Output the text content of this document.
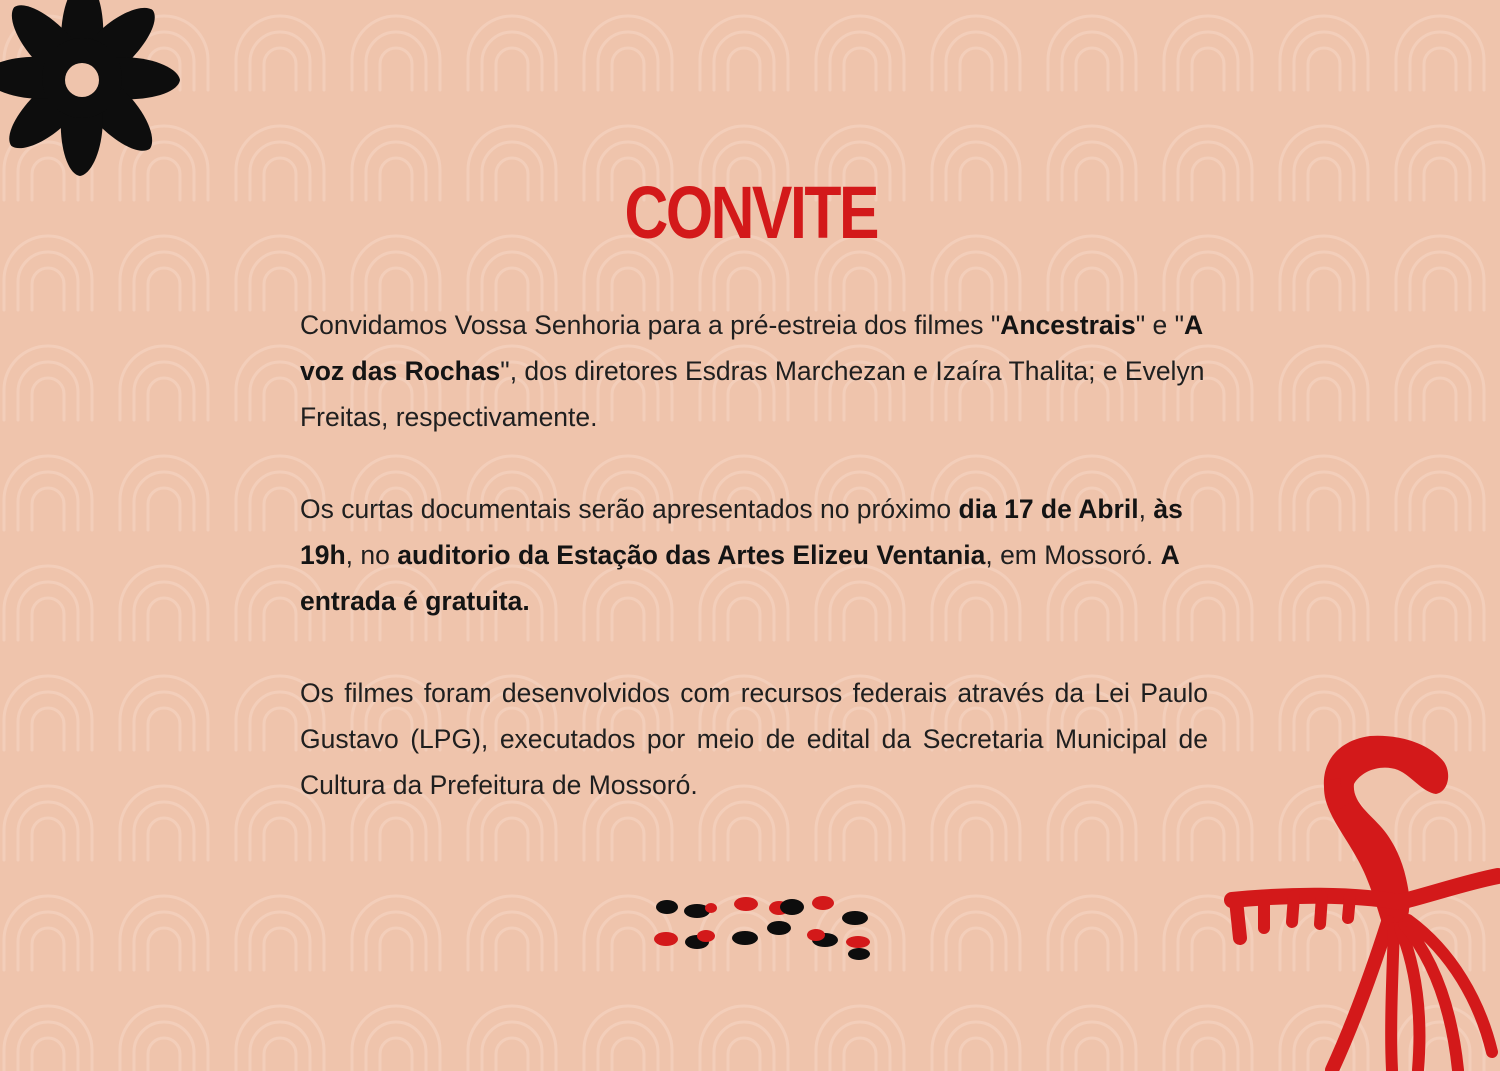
CONVITE

Convidamos Vossa Senhoria para a pré-estreia dos filmes "Ancestrais" e "A voz das Rochas", dos diretores Esdras Marchezan e Izaíra Thalita; e Evelyn Freitas, respectivamente.

Os curtas documentais serão apresentados no próximo dia 17 de Abril, às 19h, no auditorio da Estação das Artes Elizeu Ventania, em Mossoró. A entrada é gratuita.

Os filmes foram desenvolvidos com recursos federais através da Lei Paulo Gustavo (LPG), executados por meio de edital da Secretaria Municipal de Cultura da Prefeitura de Mossoró.
